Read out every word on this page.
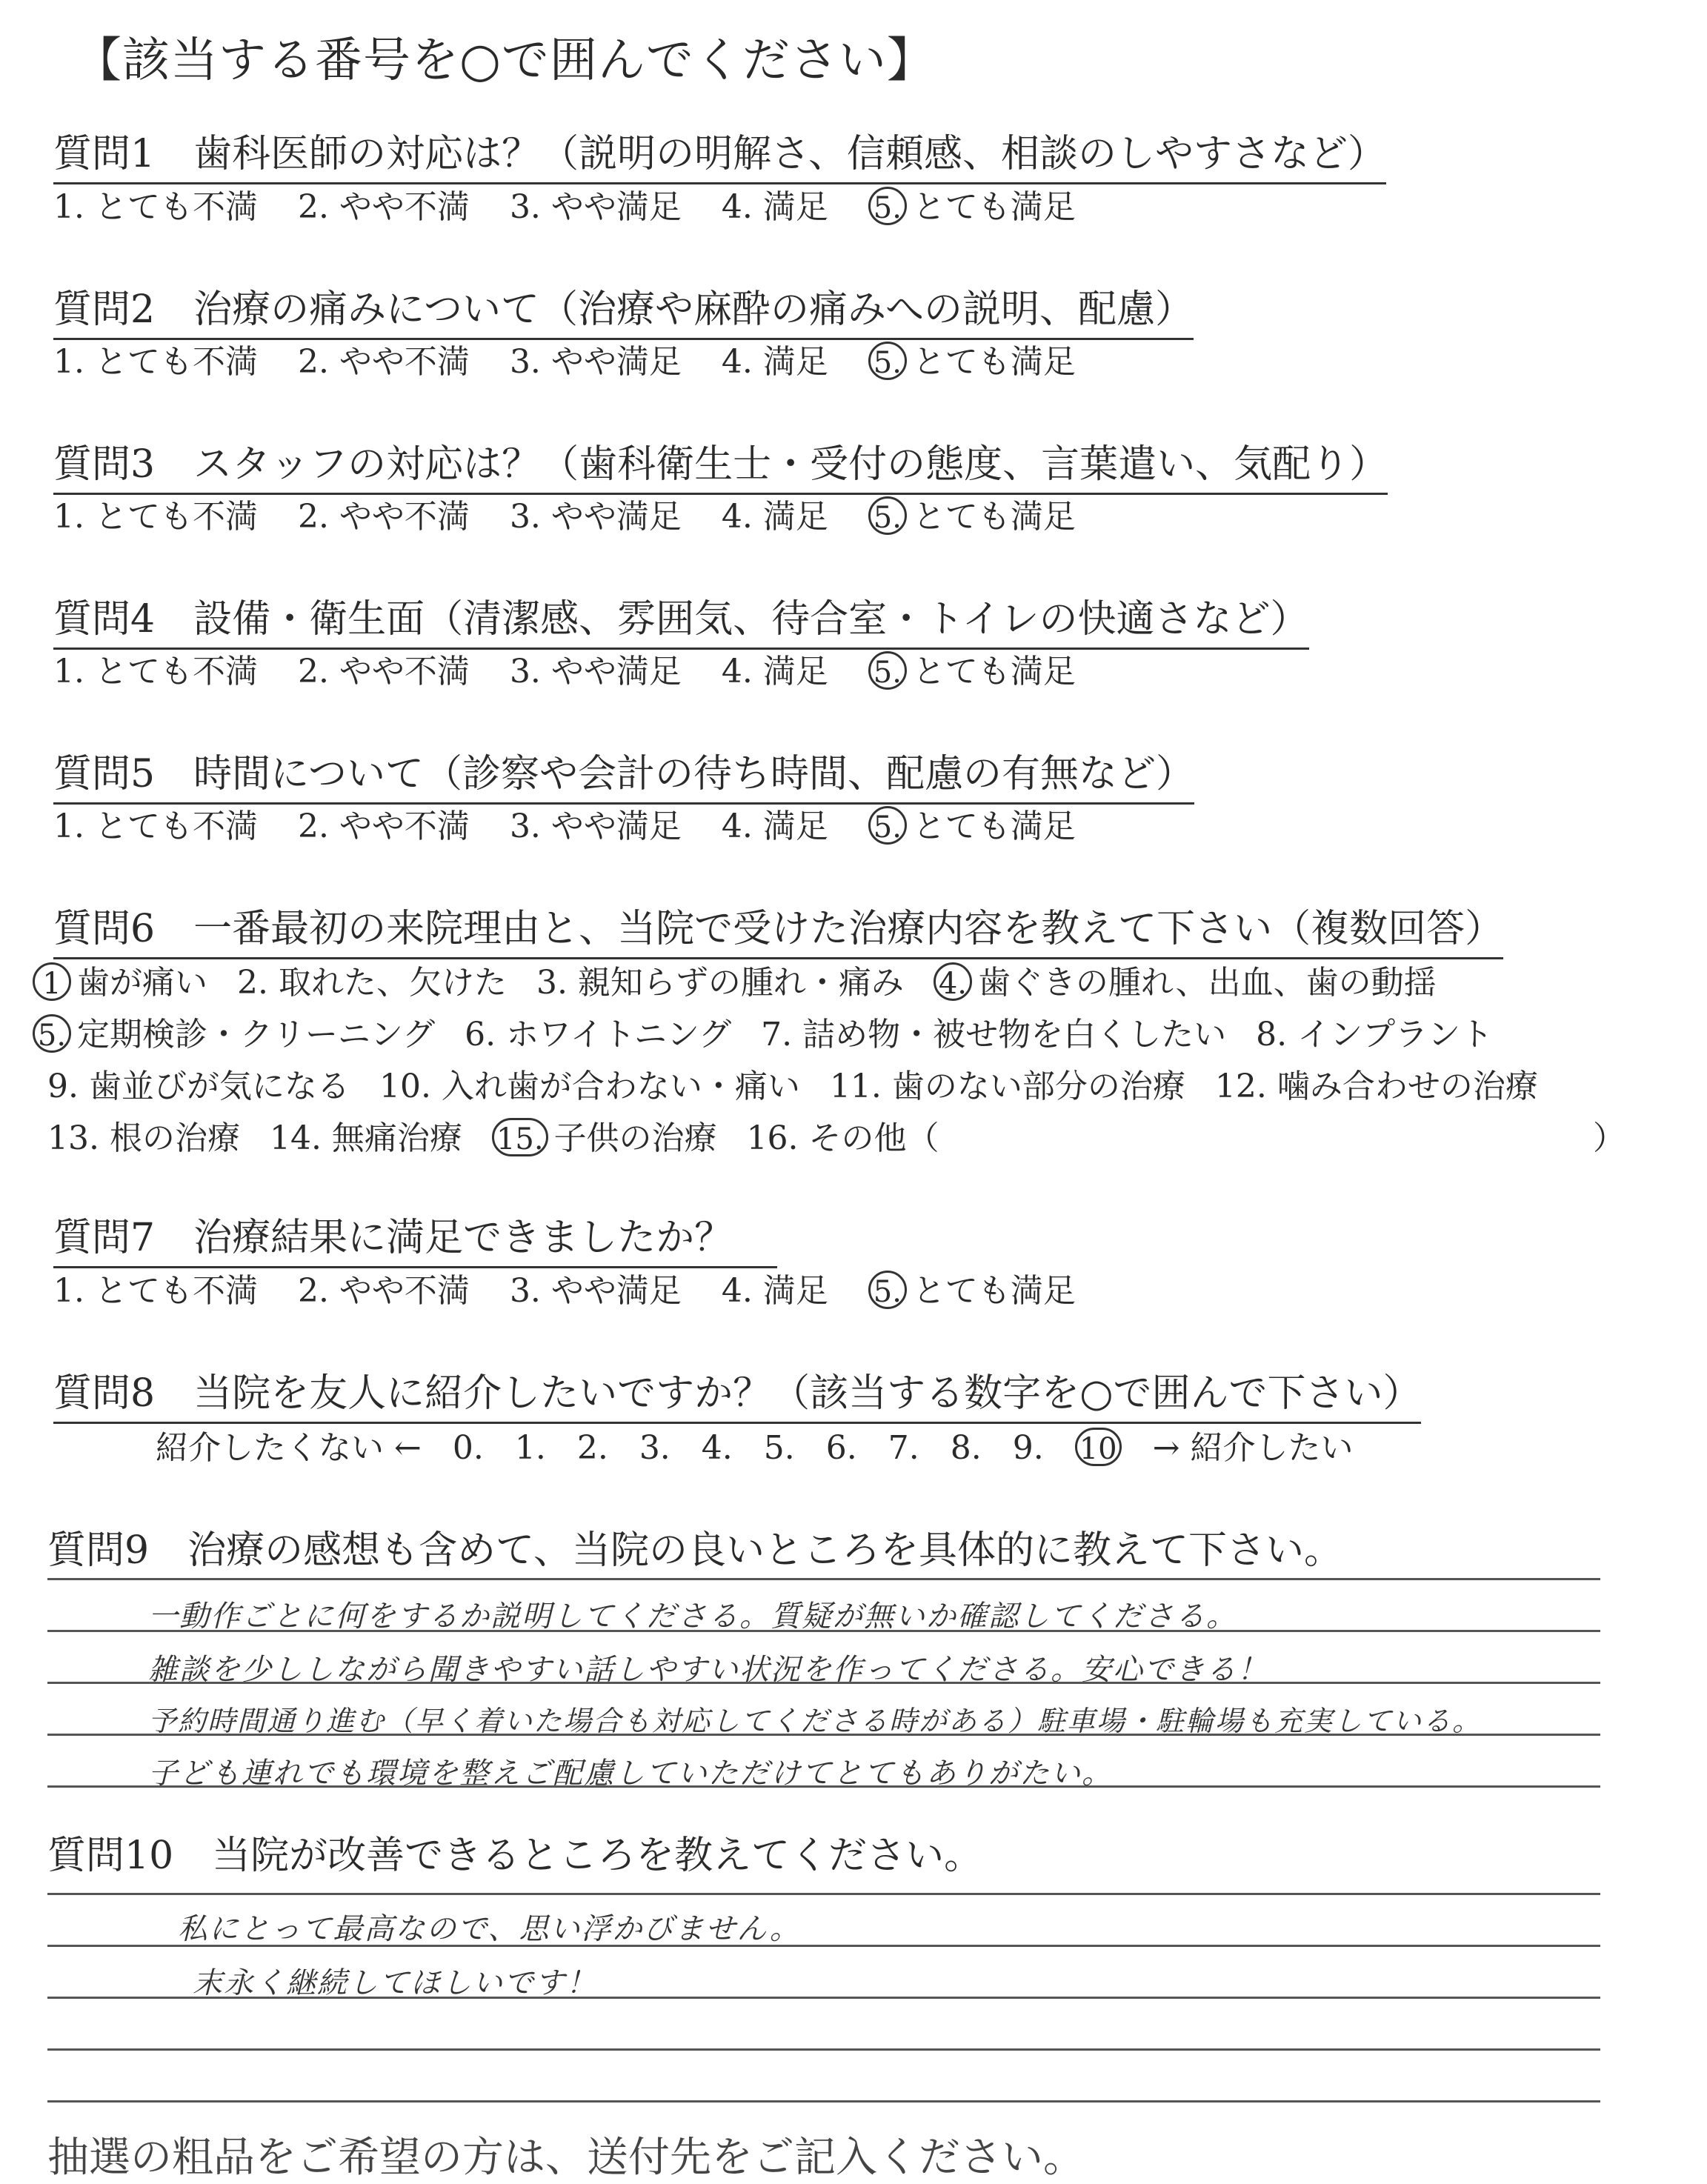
【該当する番号を○で囲んでください】
質問1　歯科医師の対応は？（説明の明解さ、信頼感、相談のしやすさなど）
1. とても不満 2. やや不満 3. やや満足 4. 満足 5. とても満足
質問2　治療の痛みについて（治療や麻酔の痛みへの説明、配慮）
1. とても不満 2. やや不満 3. やや満足 4. 満足 5. とても満足
質問3　スタッフの対応は？（歯科衛生士・受付の態度、言葉遣い、気配り）
1. とても不満 2. やや不満 3. やや満足 4. 満足 5. とても満足
質問4　設備・衛生面（清潔感、雰囲気、待合室・トイレの快適さなど）
1. とても不満 2. やや不満 3. やや満足 4. 満足 5. とても満足
質問5　時間について（診察や会計の待ち時間、配慮の有無など）
1. とても不満 2. やや不満 3. やや満足 4. 満足 5. とても満足
質問6　一番最初の来院理由と、当院で受けた治療内容を教えて下さい（複数回答）
1 歯が痛い 2. 取れた、欠けた 3. 親知らずの腫れ・痛み 4. 歯ぐきの腫れ、出血、歯の動揺
5. 定期検診・クリーニング 6. ホワイトニング 7. 詰め物・被せ物を白くしたい 8. インプラント
9. 歯並びが気になる 10. 入れ歯が合わない・痛い 11. 歯のない部分の治療 12. 噛み合わせの治療
13. 根の治療 14. 無痛治療 15. 子供の治療 16. その他（	）
質問7　治療結果に満足できましたか？
1. とても不満 2. やや不満 3. やや満足 4. 満足 5. とても満足
質問8　当院を友人に紹介したいですか？（該当する数字を○で囲んで下さい）
紹介したくない ← 0. 1. 2. 3. 4. 5. 6. 7. 8. 9. 10 → 紹介したい
質問9　治療の感想も含めて、当院の良いところを具体的に教えて下さい。
一動作ごとに何をするか説明してくださる。質疑が無いか確認してくださる。
雑談を少ししながら聞きやすい話しやすい状況を作ってくださる。安心できる！
予約時間通り進む（早く着いた場合も対応してくださる時がある）駐車場・駐輪場も充実している。
子ども連れでも環境を整えご配慮していただけてとてもありがたい。
質問10　当院が改善できるところを教えてください。
私にとって最高なので、思い浮かびません。
末永く継続してほしいです！
抽選の粗品をご希望の方は、送付先をご記入ください。
